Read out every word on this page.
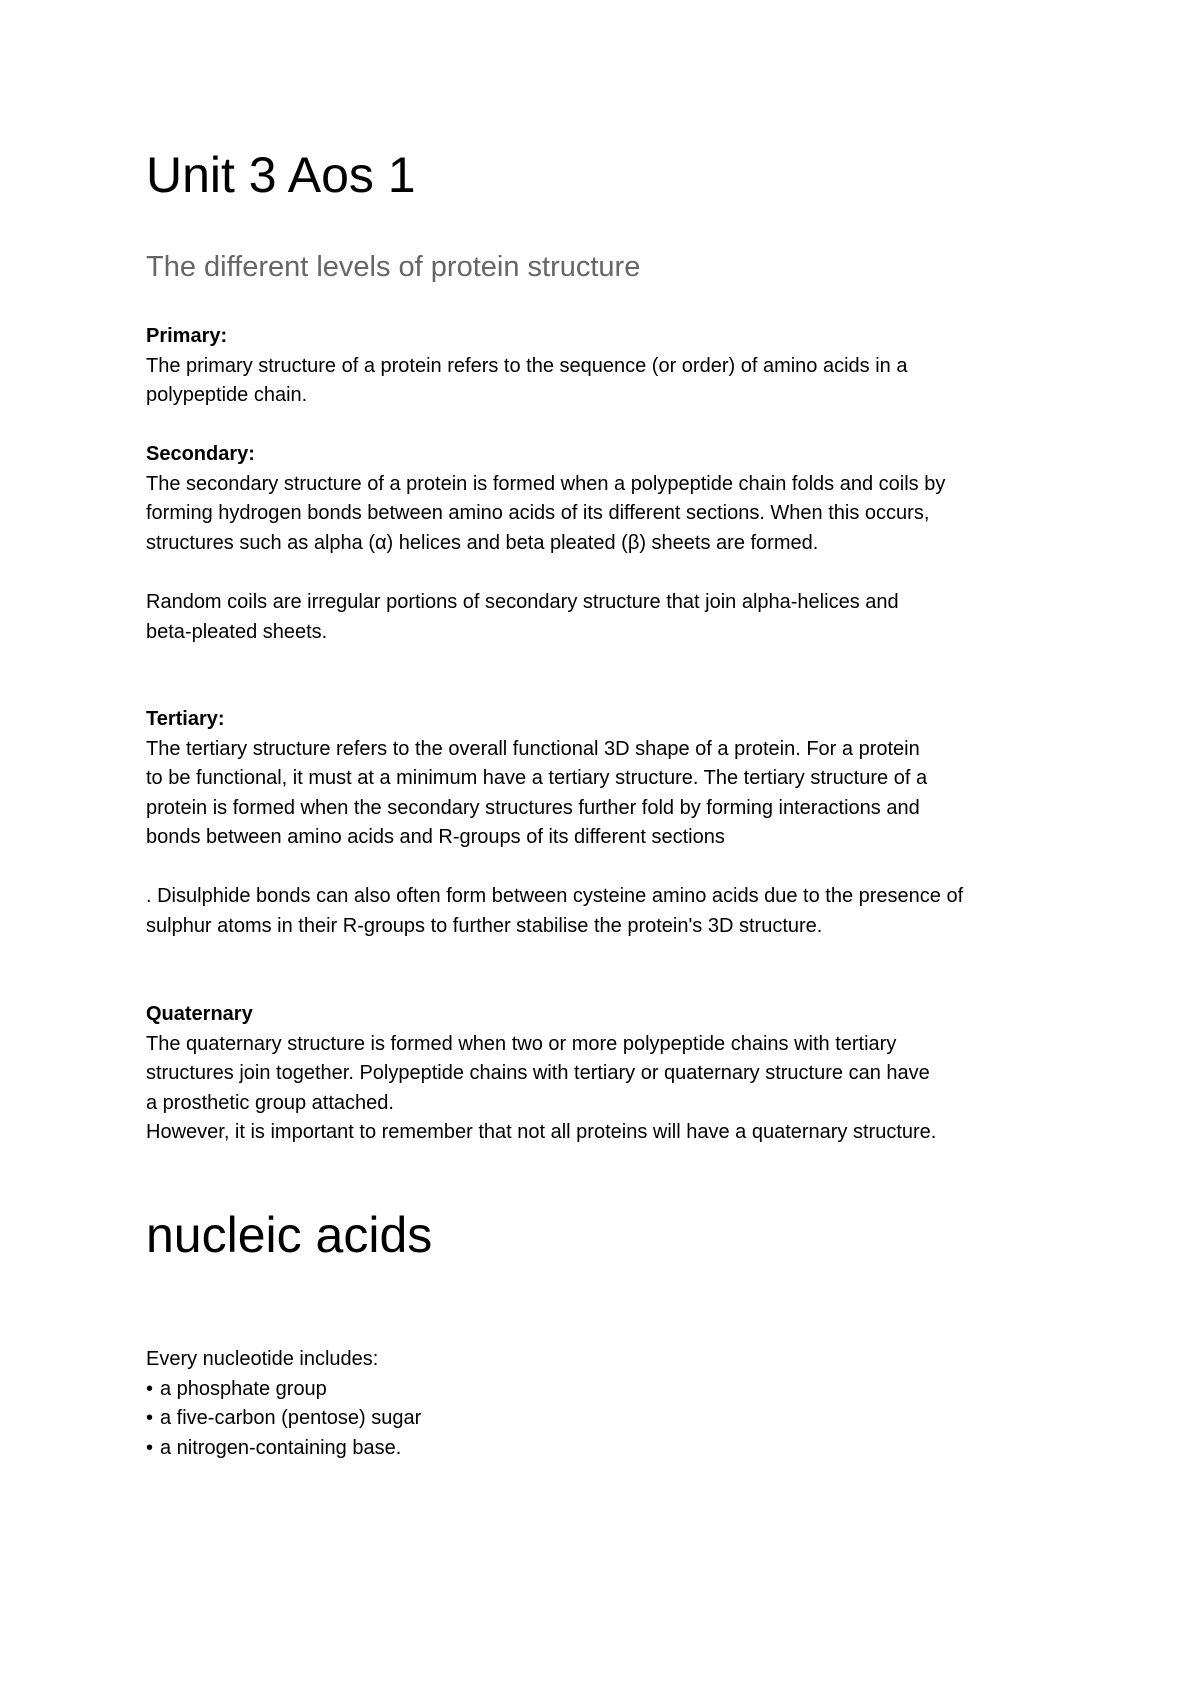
Unit 3 Aos 1
The different levels of protein structure
Primary:

The primary structure of a protein refers to the sequence (or order) of amino acids in a

polypeptide chain.

Secondary:

The secondary structure of a protein is formed when a polypeptide chain folds and coils by

forming hydrogen bonds between amino acids of its different sections. When this occurs,

structures such as alpha (α) helices and beta pleated (β) sheets are formed.

Random coils are irregular portions of secondary structure that join alpha-helices and

beta-pleated sheets.

Tertiary:

The tertiary structure refers to the overall functional 3D shape of a protein. For a protein

to be functional, it must at a minimum have a tertiary structure. The tertiary structure of a

protein is formed when the secondary structures further fold by forming interactions and

bonds between amino acids and R-groups of its different sections

. Disulphide bonds can also often form between cysteine amino acids due to the presence of

sulphur atoms in their R-groups to further stabilise the protein's 3D structure.

Quaternary

The quaternary structure is formed when two or more polypeptide chains with tertiary

structures join together. Polypeptide chains with tertiary or quaternary structure can have

a prosthetic group attached.

However, it is important to remember that not all proteins will have a quaternary structure.

nucleic acids

Every nucleotide includes:

• a phosphate group
• a five-carbon (pentose) sugar
• a nitrogen-containing base.
